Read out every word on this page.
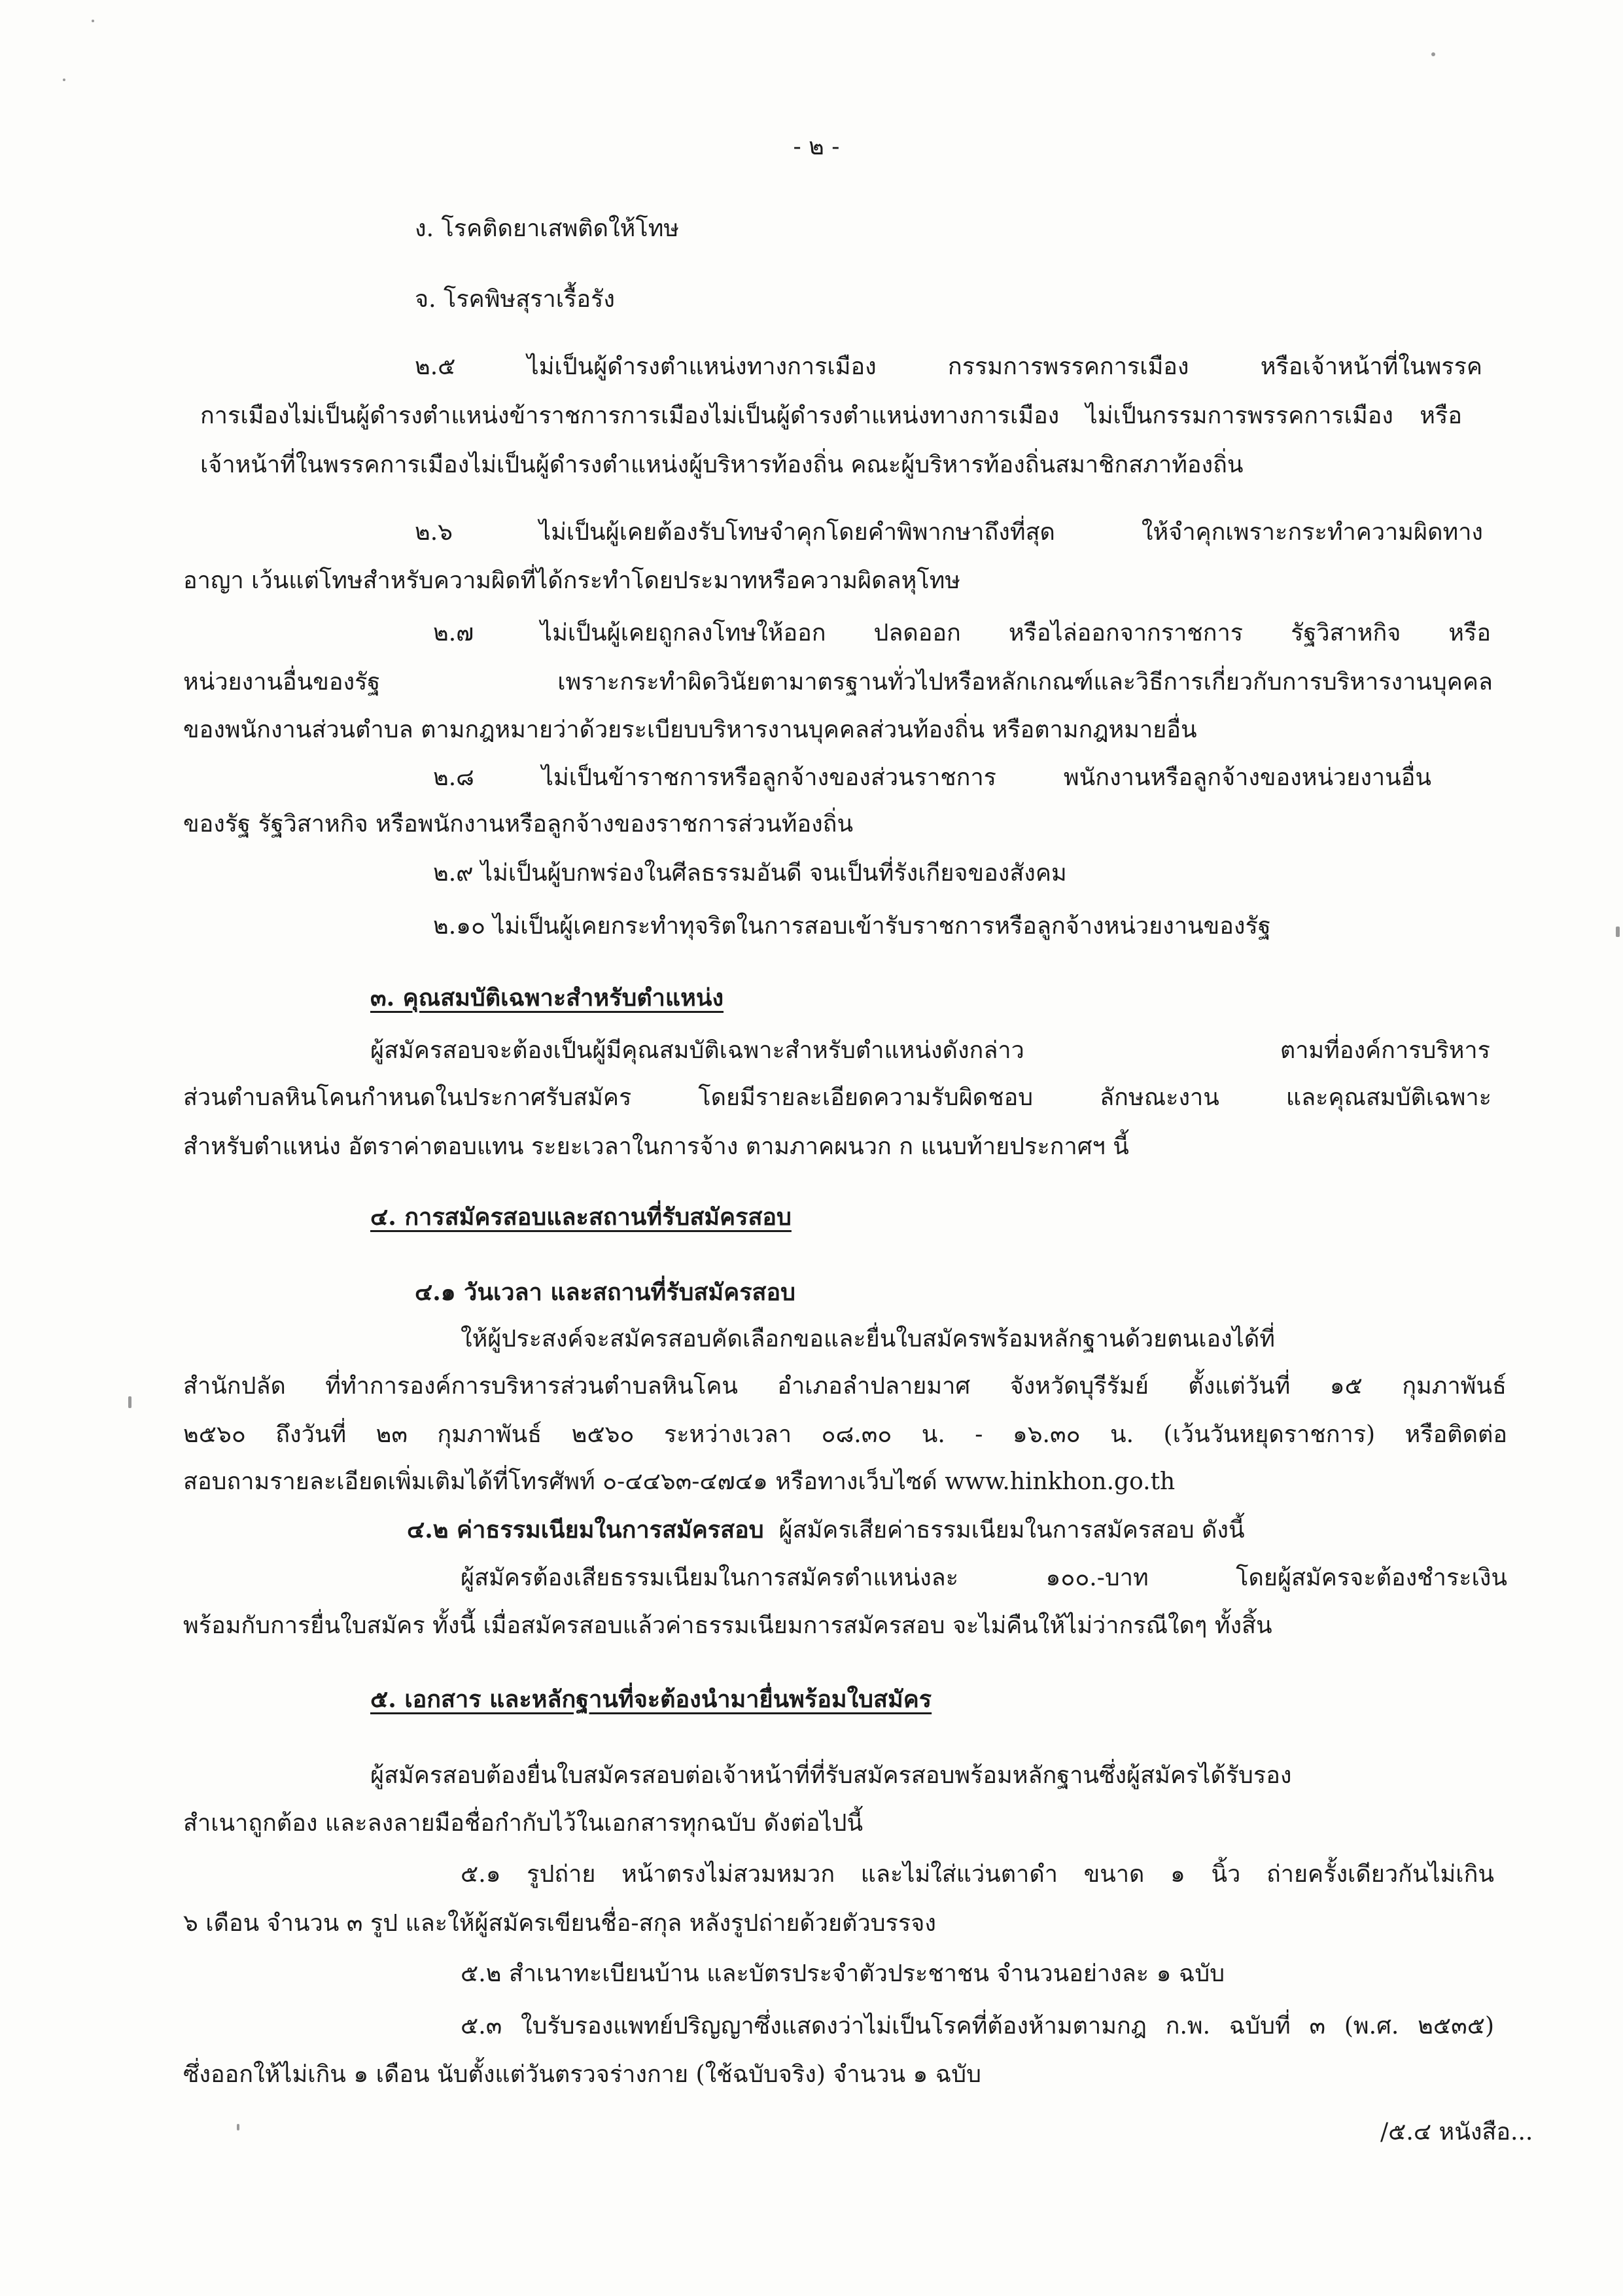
- ๒ -
ง. โรคติดยาเสพติดให้โทษ
จ. โรคพิษสุราเรื้อรัง
๒.๕ ไม่เป็นผู้ดำรงตำแหน่งทางการเมือง กรรมการพรรคการเมือง หรือเจ้าหน้าที่ในพรรค
การเมืองไม่เป็นผู้ดำรงตำแหน่งข้าราชการการเมืองไม่เป็นผู้ดำรงตำแหน่งทางการเมือง ไม่เป็นกรรมการพรรคการเมือง หรือ
เจ้าหน้าที่ในพรรคการเมืองไม่เป็นผู้ดำรงตำแหน่งผู้บริหารท้องถิ่น คณะผู้บริหารท้องถิ่นสมาชิกสภาท้องถิ่น
๒.๖ ไม่เป็นผู้เคยต้องรับโทษจำคุกโดยคำพิพากษาถึงที่สุด ให้จำคุกเพราะกระทำความผิดทาง
อาญา เว้นแต่โทษสำหรับความผิดที่ได้กระทำโดยประมาทหรือความผิดลหุโทษ
๒.๗	ไม่เป็นผู้เคยถูกลงโทษให้ออก ปลดออก หรือไล่ออกจากราชการ รัฐวิสาหกิจ หรือ
หน่วยงานอื่นของรัฐ เพราะกระทำผิดวินัยตามาตรฐานทั่วไปหรือหลักเกณฑ์และวิธีการเกี่ยวกับการบริหารงานบุคคล
ของพนักงานส่วนตำบล ตามกฎหมายว่าด้วยระเบียบบริหารงานบุคคลส่วนท้องถิ่น หรือตามกฎหมายอื่น
๒.๘ ไม่เป็นข้าราชการหรือลูกจ้างของส่วนราชการ พนักงานหรือลูกจ้างของหน่วยงานอื่น
ของรัฐ รัฐวิสาหกิจ หรือพนักงานหรือลูกจ้างของราชการส่วนท้องถิ่น
๒.๙ ไม่เป็นผู้บกพร่องในศีลธรรมอันดี จนเป็นที่รังเกียจของสังคม
๒.๑๐ ไม่เป็นผู้เคยกระทำทุจริตในการสอบเข้ารับราชการหรือลูกจ้างหน่วยงานของรัฐ
๓. คุณสมบัติเฉพาะสำหรับตำแหน่ง
ผู้สมัครสอบจะต้องเป็นผู้มีคุณสมบัติเฉพาะสำหรับตำแหน่งดังกล่าว ตามที่องค์การบริหาร
ส่วนตำบลหินโคนกำหนดในประกาศรับสมัคร โดยมีรายละเอียดความรับผิดชอบ ลักษณะงาน และคุณสมบัติเฉพาะ
สำหรับตำแหน่ง อัตราค่าตอบแทน ระยะเวลาในการจ้าง ตามภาคผนวก ก แนบท้ายประกาศฯ นี้
๔. การสมัครสอบและสถานที่รับสมัครสอบ
๔.๑ วันเวลา และสถานที่รับสมัครสอบ
ให้ผู้ประสงค์จะสมัครสอบคัดเลือกขอและยื่นใบสมัครพร้อมหลักฐานด้วยตนเองได้ที่
สำนักปลัด ที่ทำการองค์การบริหารส่วนตำบลหินโคน อำเภอลำปลายมาศ จังหวัดบุรีรัมย์ ตั้งแต่วันที่ ๑๕ กุมภาพันธ์
๒๕๖๐ ถึงวันที่ ๒๓ กุมภาพันธ์ ๒๕๖๐ ระหว่างเวลา ๐๘.๓๐ น. - ๑๖.๓๐ น. (เว้นวันหยุดราชการ) หรือติดต่อ
สอบถามรายละเอียดเพิ่มเติมได้ที่โทรศัพท์ ๐-๔๔๖๓-๔๗๔๑ หรือทางเว็บไซด์ www.hinkhon.go.th
๔.๒ ค่าธรรมเนียมในการสมัครสอบ ผู้สมัครเสียค่าธรรมเนียมในการสมัครสอบ ดังนี้
ผู้สมัครต้องเสียธรรมเนียมในการสมัครตำแหน่งละ ๑๐๐.-บาท โดยผู้สมัครจะต้องชำระเงิน
พร้อมกับการยื่นใบสมัคร ทั้งนี้ เมื่อสมัครสอบแล้วค่าธรรมเนียมการสมัครสอบ จะไม่คืนให้ไม่ว่ากรณีใดๆ ทั้งสิ้น
๕. เอกสาร และหลักฐานที่จะต้องนำมายื่นพร้อมใบสมัคร
ผู้สมัครสอบต้องยื่นใบสมัครสอบต่อเจ้าหน้าที่ที่รับสมัครสอบพร้อมหลักฐานซึ่งผู้สมัครได้รับรอง
สำเนาถูกต้อง และลงลายมือชื่อกำกับไว้ในเอกสารทุกฉบับ ดังต่อไปนี้
๕.๑ รูปถ่าย หน้าตรงไม่สวมหมวก และไม่ใส่แว่นตาดำ ขนาด ๑ นิ้ว ถ่ายครั้งเดียวกันไม่เกิน
๖ เดือน จำนวน ๓ รูป และให้ผู้สมัครเขียนชื่อ-สกุล หลังรูปถ่ายด้วยตัวบรรจง
๕.๒ สำเนาทะเบียนบ้าน และบัตรประจำตัวประชาชน จำนวนอย่างละ ๑ ฉบับ
๕.๓ ใบรับรองแพทย์ปริญญาซึ่งแสดงว่าไม่เป็นโรคที่ต้องห้ามตามกฎ ก.พ. ฉบับที่ ๓ (พ.ศ. ๒๕๓๕)
ซึ่งออกให้ไม่เกิน ๑ เดือน นับตั้งแต่วันตรวจร่างกาย (ใช้ฉบับจริง) จำนวน ๑ ฉบับ
/๕.๔ หนังสือ...
